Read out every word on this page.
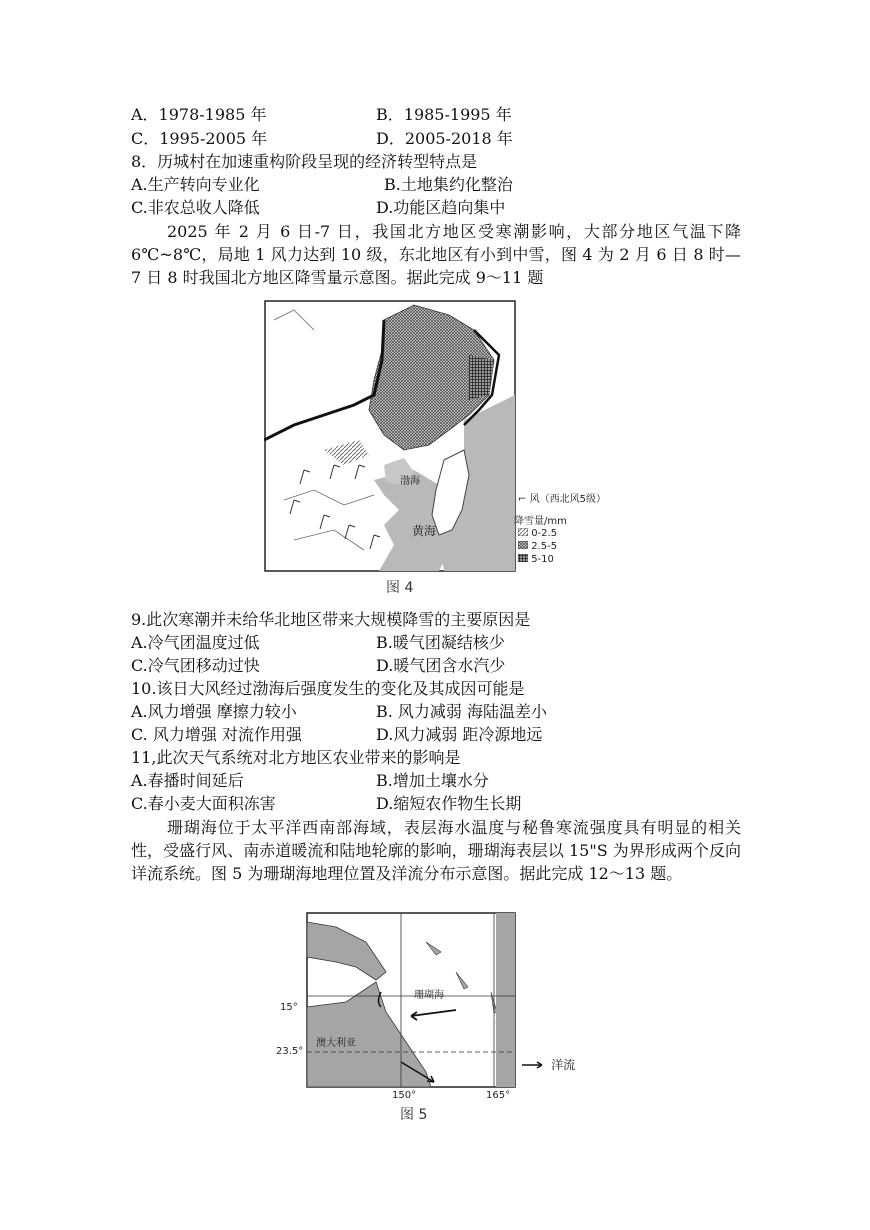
A．1978-1985 年	B．1985-1995 年
C．1995-2005 年	D．2005-2018 年
8．历城村在加速重构阶段呈现的经济转型特点是
A.生产转向专业化	B.土地集约化整治
C.非农总收人降低	D.功能区趋向集中
2025 年 2 月 6 日-7 日，我国北方地区受寒潮影响，大部分地区气温下降 6℃~8℃，局地 1 风力达到 10 级，东北地区有小到中雪，图 4 为 2 月 6 日 8 时—7 日 8 时我国北方地区降雪量示意图。据此完成 9～11 题
渤海
黄海
⌐ 风（西北风5级）
降雪量/mm
0-2.5
2.5-5
5-10
图 4
9.此次寒潮并未给华北地区带来大规模降雪的主要原因是
A.冷气团温度过低	B.暖气团凝结核少
C.冷气团移动过快	D.暖气团含水汽少
10.该日大风经过渤海后强度发生的变化及其成因可能是
A.风力增强 摩擦力较小	B. 风力减弱 海陆温差小
C. 风力增强 对流作用强	D.风力减弱 距冷源地远
11,此次天气系统对北方地区农业带来的影响是
A.春播时间延后	B.增加土壤水分
C.春小麦大面积冻害	D.缩短农作物生长期
珊瑚海位于太平洋西南部海域，表层海水温度与秘鲁寒流强度具有明显的相关性，受盛行风、南赤道暖流和陆地轮廓的影响，珊瑚海表层以 15"S 为界形成两个反向详流系统。图 5 为珊瑚海地理位置及洋流分布示意图。据此完成 12～13 题。
珊瑚海
澳大利亚
15°
23.5°
150°	165°
洋流
图 5
